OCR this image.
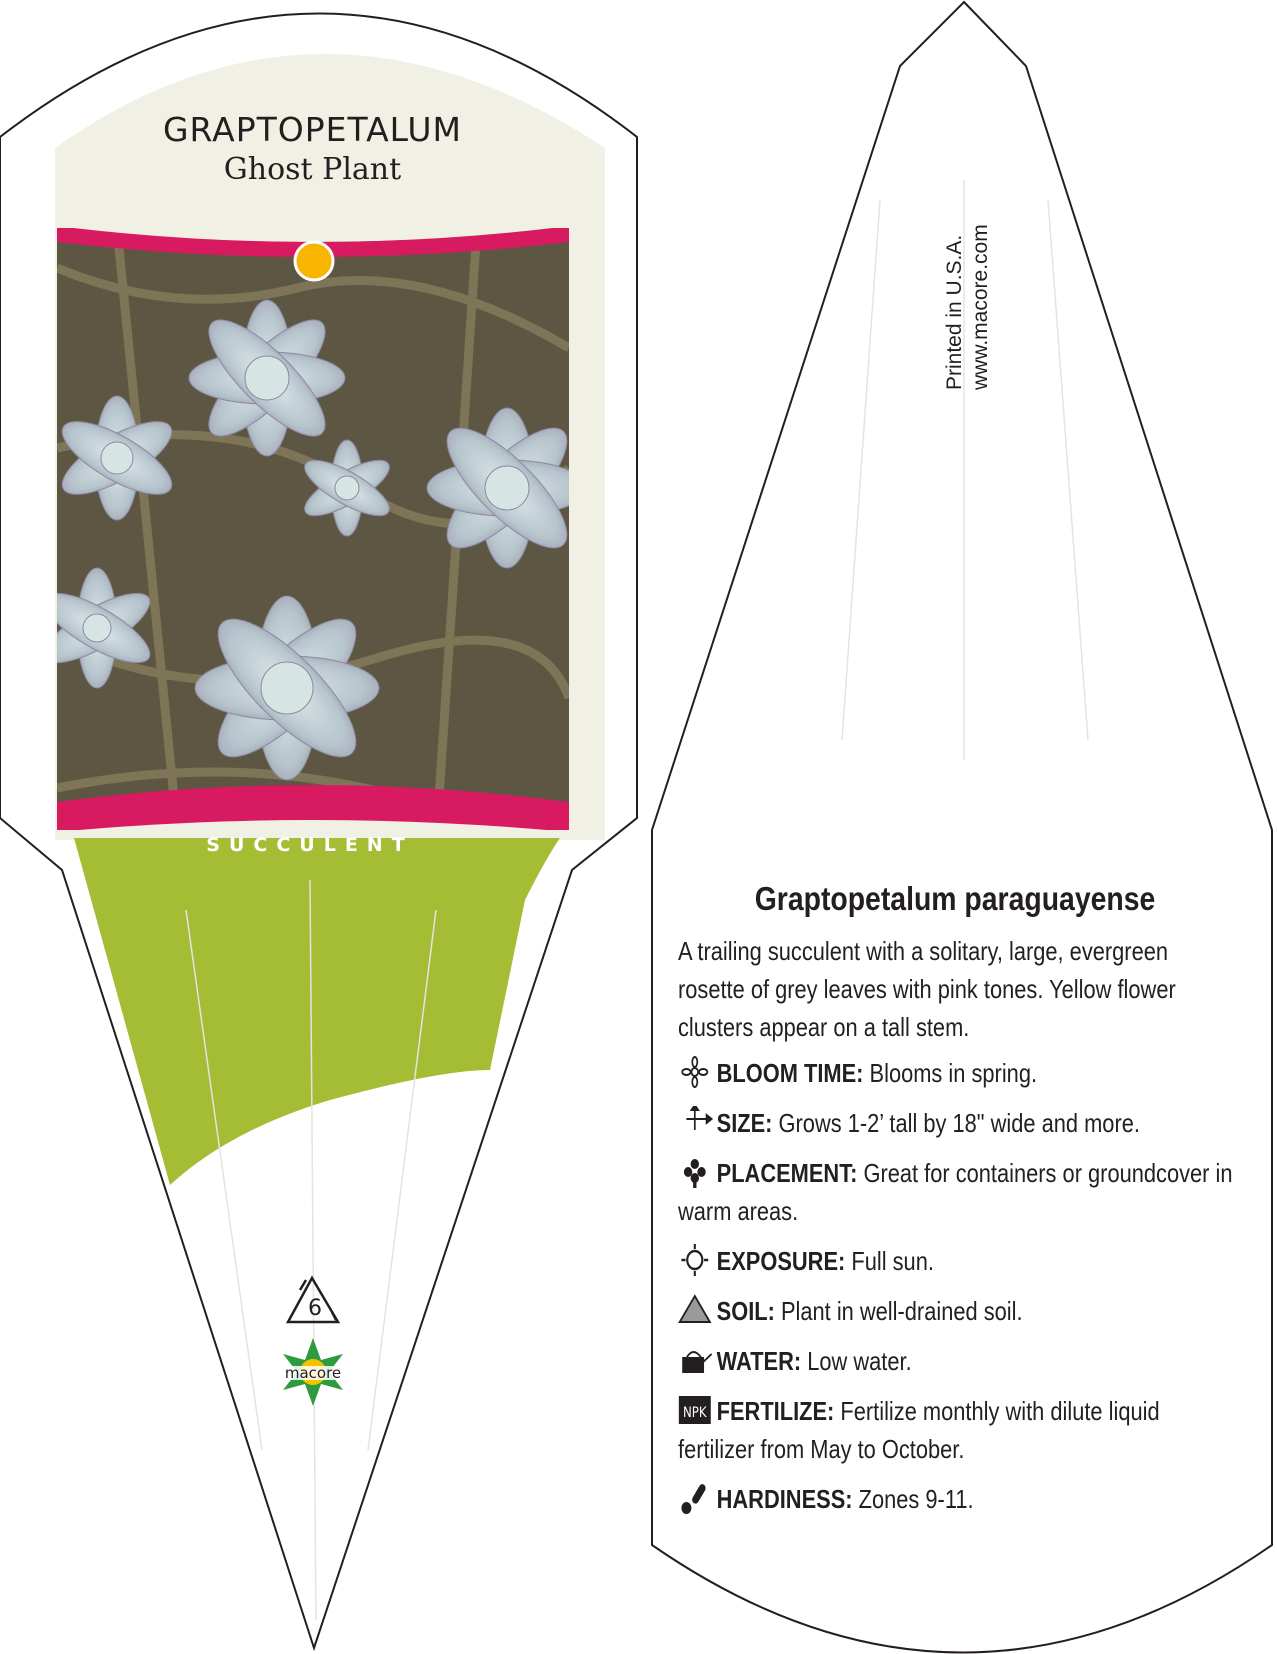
GRAPTOPETALUM
Ghost Plant
SUCCULENT
6
macore
Printed in U.S.A. www.macore.com
Graptopetalum paraguayense
A trailing succulent with a solitary, large, evergreen rosette of grey leaves with pink tones. Yellow flower clusters appear on a tall stem.
BLOOM TIME: Blooms in spring.
SIZE: Grows 1-2’ tall by 18" wide and more.
PLACEMENT: Great for containers or groundcover in warm areas.
EXPOSURE: Full sun.
SOIL: Plant in well-drained soil.
WATER: Low water.
NPK FERTILIZE: Fertilize monthly with dilute liquid fertilizer from May to October.
HARDINESS: Zones 9-11.
